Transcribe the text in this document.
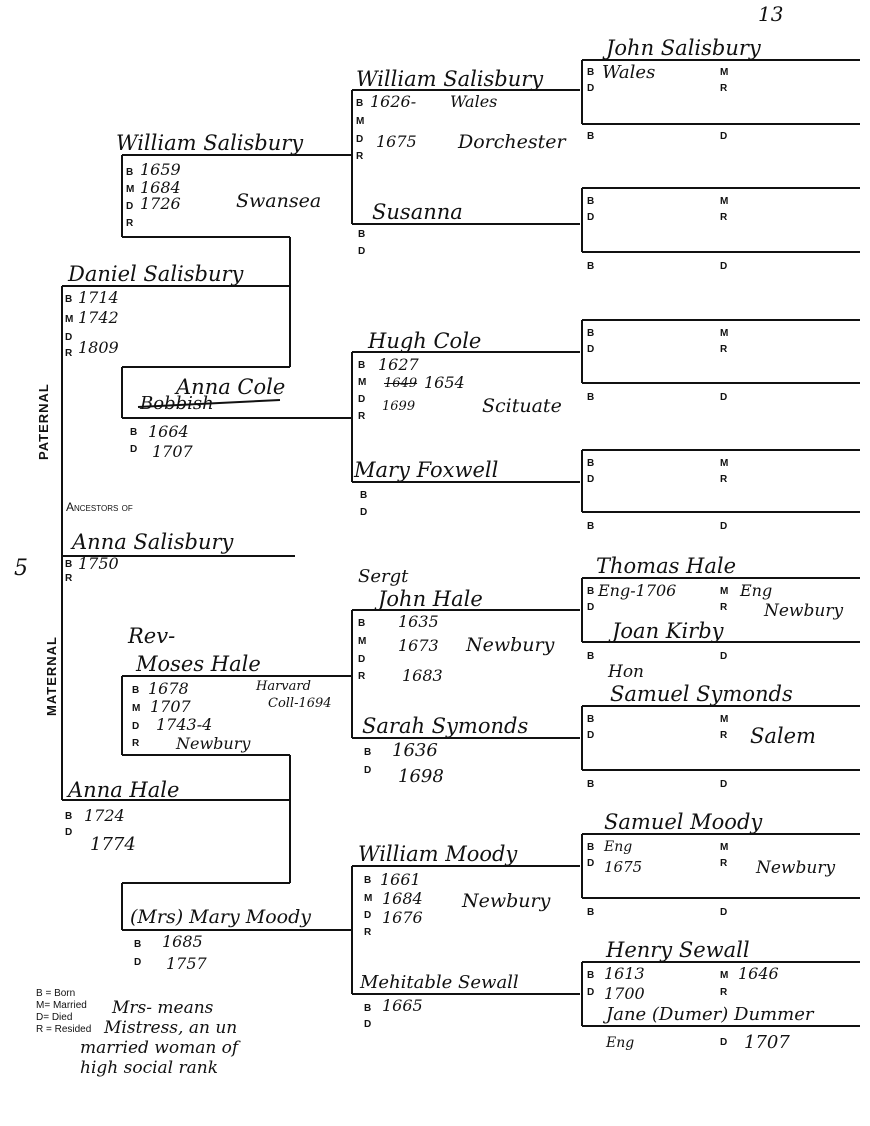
13
PATERNAL
MATERNAL
5
Ancestors of
Anna Salisbury
B 1750
R
Daniel Salisbury
B 1714
M 1742
D
R 1809
Anna Hale
B 1724
D
1774
William Salisbury
B 1659
M 1684
D 1726
R
Swansea
Anna Cole
Bobbish
B 1664
D 1707
Rev-
Moses Hale
B 1678
M 1707
D 1743-4
R Newbury
Harvard
Coll-1694
(Mrs) Mary Moody
B 1685
D 1757
William Salisbury
B 1626- Wales
M
D 1675
R
Dorchester
Susanna
B
D
Hugh Cole
B 1627
M 1649 1654
D 1699
R	Scituate
Mary Foxwell
B
D
Sergt
John Hale
B 1635
M 1673 Newbury
D
R 1683
Sarah Symonds
B 1636
D 1698
William Moody
B 1661
M 1684 Newbury
D 1676
R
Mehitable Sewall
B 1665
D
John Salisbury
B Wales
D
M
R
B	D
B
D
M
R
B	D
B
D
M
R
B	D
B
D
M
R
B	D
Thomas Hale
B Eng-1706
D
M Eng
R Newbury
Joan Kirby
B	D
Hon
Samuel Symonds
B
D
M
R Salem
B	D
Samuel Moody
B Eng
D 1675
M
R Newbury
B	D
Henry Sewall
B 1613
D 1700
M 1646
R
Jane (Dumer) Dummer
Eng	D 1707
B = Born
M= Married
D= Died
R = Resided
Mrs- means
Mistress, an un
married woman of
high social rank
